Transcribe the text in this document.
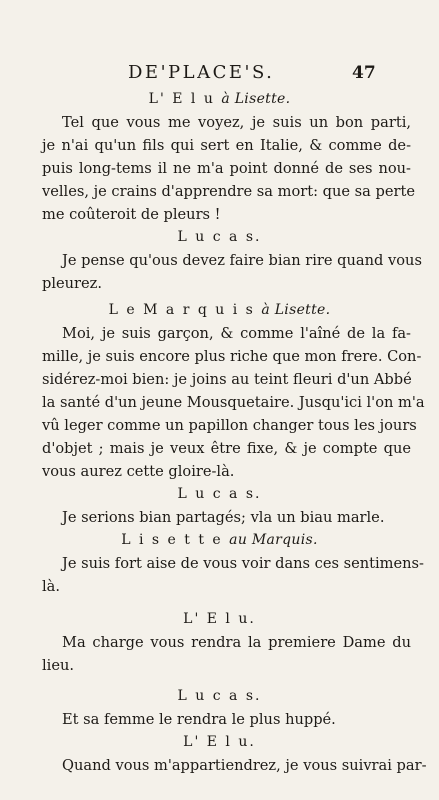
DE'PLACE'S.	47

L' E l u à Lisette.

Tel que vous me voyez, je suis un bon parti,

je n'ai qu'un fils qui sert en Italie, & comme de-

puis long-tems il ne m'a point donné de ses nou-

velles, je crains d'apprendre sa mort: que sa perte

me coûteroit de pleurs !

L u c a s.

Je pense qu'ous devez faire bian rire quand vous

pleurez.

L e M a r q u i s à Lisette.

Moi, je suis garçon, & comme l'aîné de la fa-

mille, je suis encore plus riche que mon frere. Con-

sidérez-moi bien: je joins au teint fleuri d'un Abbé

la santé d'un jeune Mousquetaire. Jusqu'ici l'on m'a

vû leger comme un papillon changer tous les jours

d'objet ; mais je veux être fixe, & je compte que

vous aurez cette gloire-là.

L u c a s.

Je serions bian partagés; vla un biau marle.

L i s e t t e au Marquis.

Je suis fort aise de vous voir dans ces sentimens-

là.

L' E l u.

Ma charge vous rendra la premiere Dame du

lieu.

L u c a s.

Et sa femme le rendra le plus huppé.

L' E l u.

Quand vous m'appartiendrez, je vous suivrai par-
